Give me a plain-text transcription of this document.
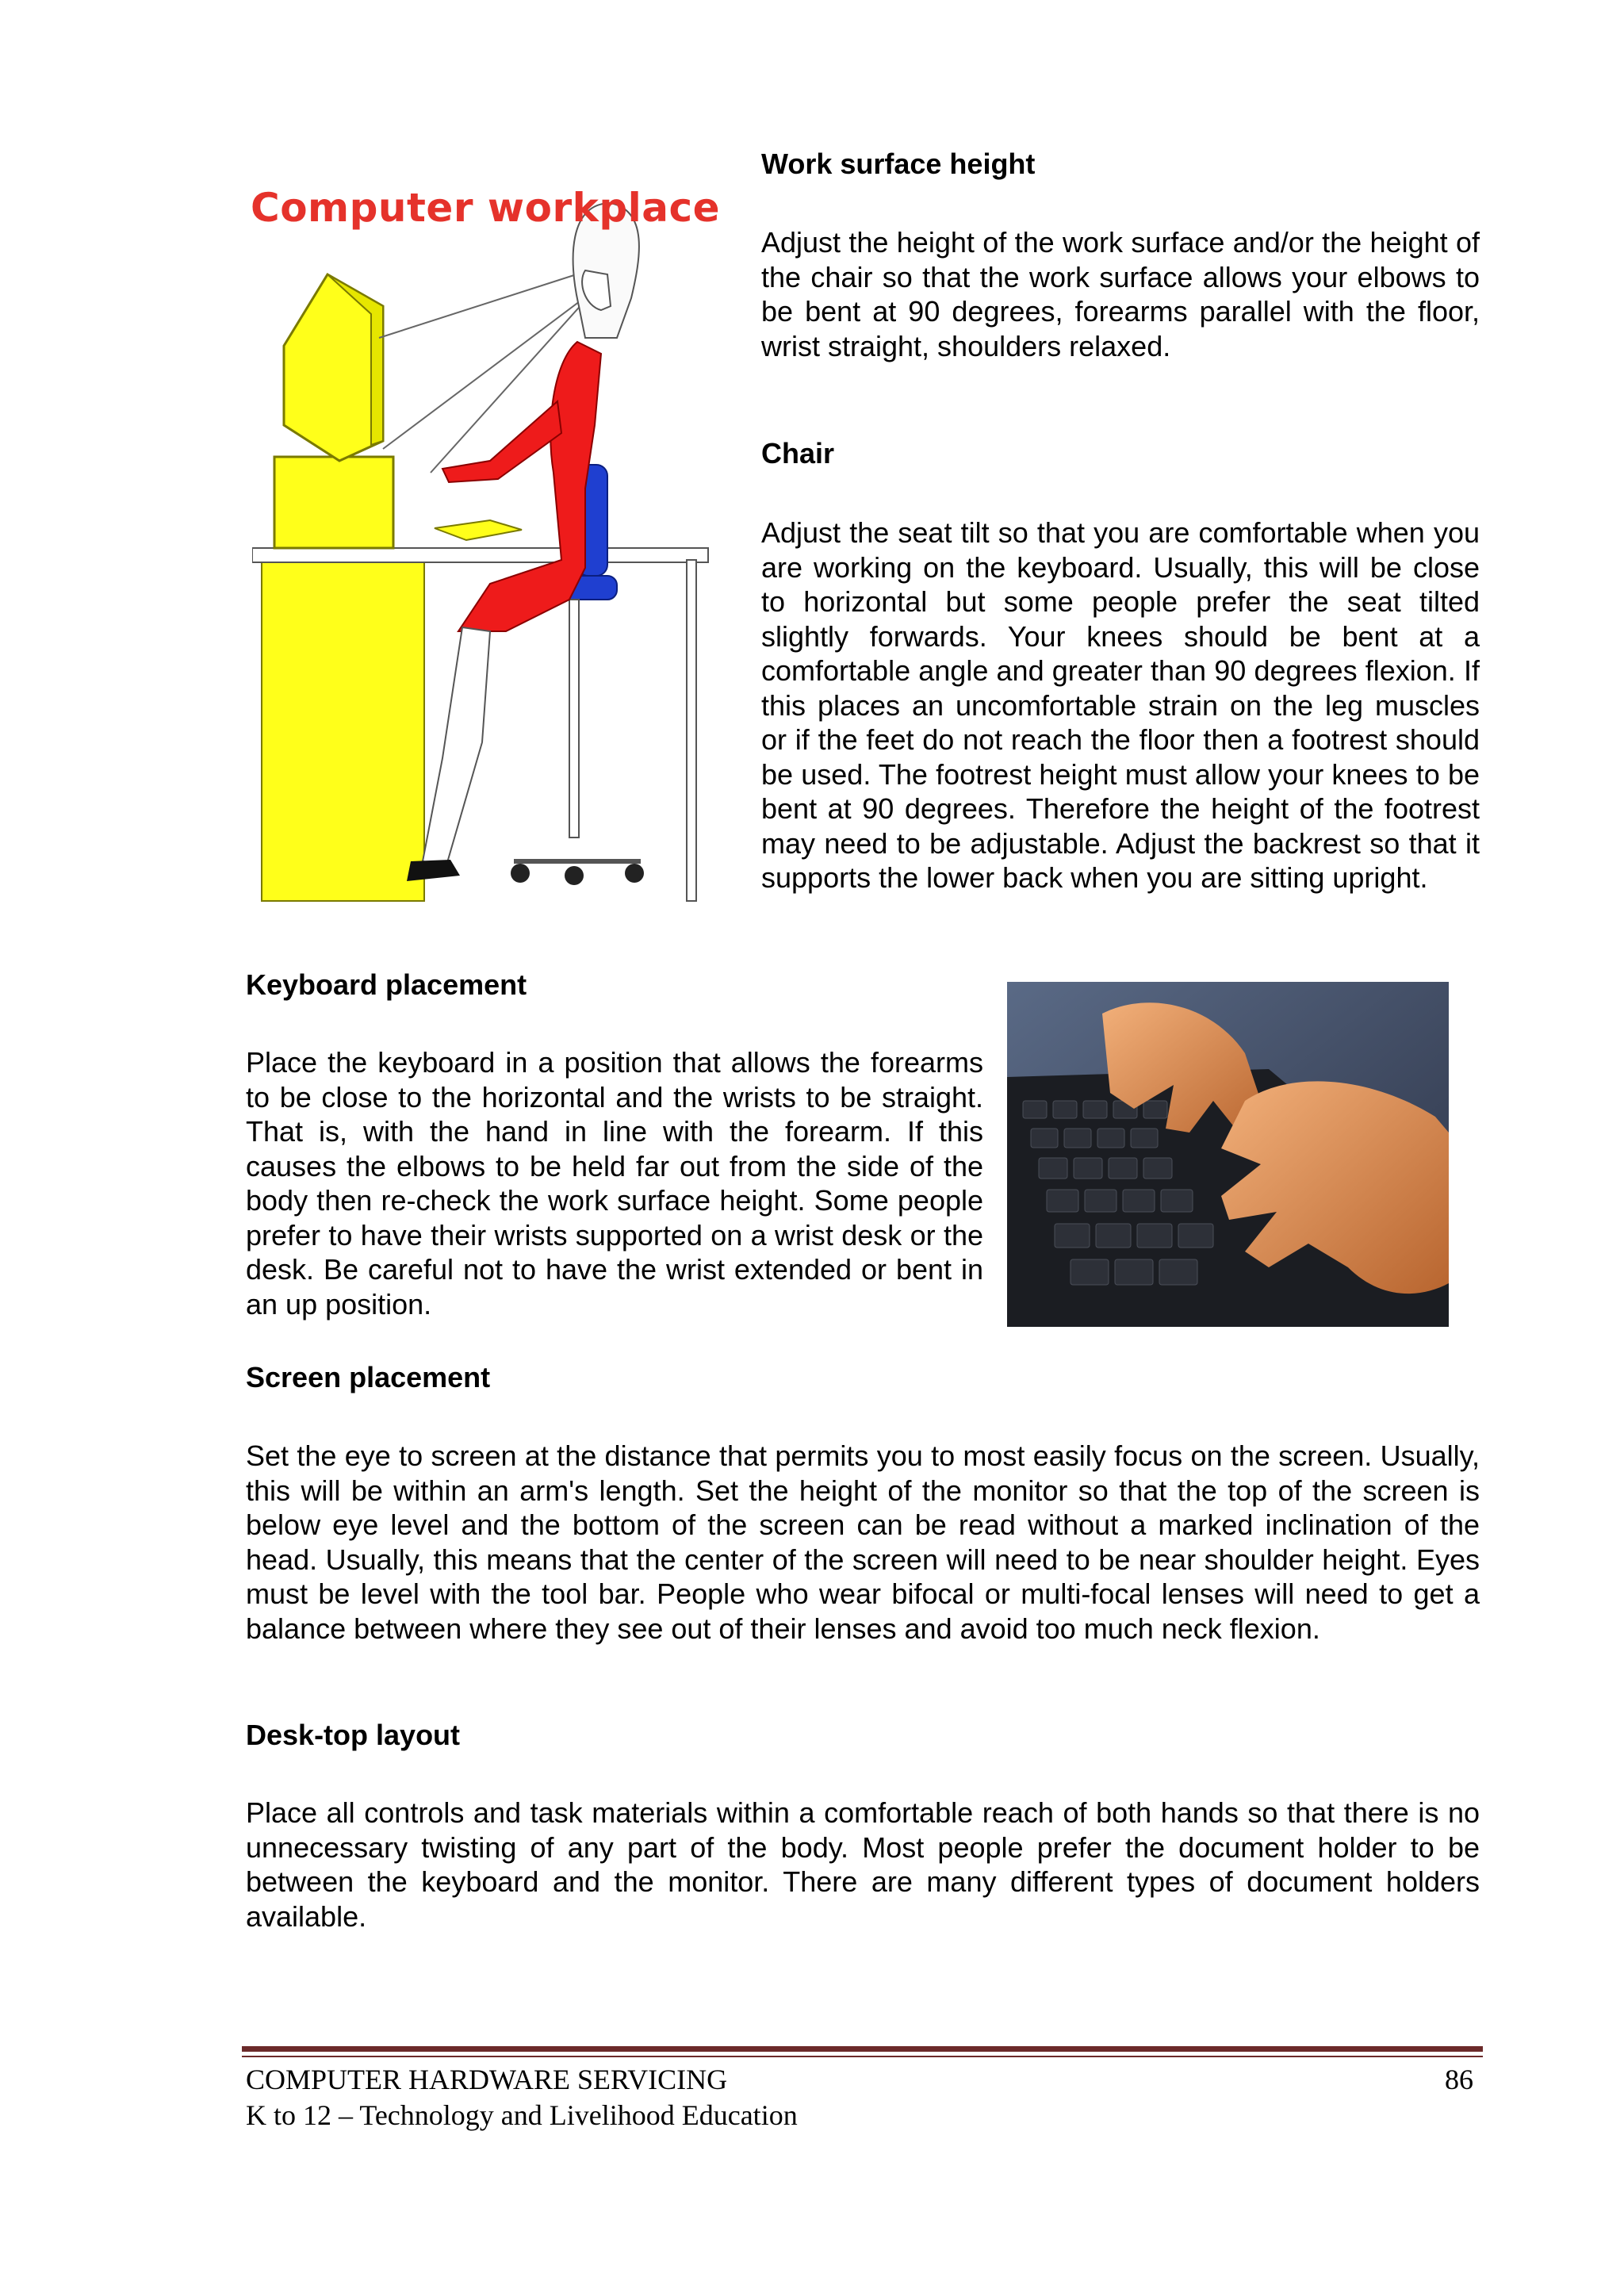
Computer workplace

Work surface height

Adjust the height of the work surface and/or the height of the chair so that the work surface allows your elbows to be bent at 90 degrees, forearms parallel with the floor, wrist straight, shoulders relaxed.

Chair

Adjust the seat tilt so that you are comfortable when you are working on the keyboard. Usually, this will be close to horizontal but some people prefer the seat tilted slightly forwards. Your knees should be bent at a comfortable angle and greater than 90 degrees flexion. If this places an uncomfortable strain on the leg muscles or if the feet do not reach the floor then a footrest should be used. The footrest height must allow your knees to be bent at 90 degrees. Therefore the height of the footrest may need to be adjustable. Adjust the backrest so that it supports the lower back when you are sitting upright.

Keyboard placement

Place the keyboard in a position that allows the forearms to be close to the horizontal and the wrists to be straight. That is, with the hand in line with the forearm. If this causes the elbows to be held far out from the side of the body then re-check the work surface height. Some people prefer to have their wrists supported on a wrist desk or the desk. Be careful not to have the wrist extended or bent in an up position.

Screen placement

Set the eye to screen at the distance that permits you to most easily focus on the screen. Usually, this will be within an arm's length. Set the height of the monitor so that the top of the screen is below eye level and the bottom of the screen can be read without a marked inclination of the head. Usually, this means that the center of the screen will need to be near shoulder height. Eyes must be level with the tool bar. People who wear bifocal or multi-focal lenses will need to get a balance between where they see out of their lenses and avoid too much neck flexion.

Desk-top layout

Place all controls and task materials within a comfortable reach of both hands so that there is no unnecessary twisting of any part of the body. Most people prefer the document holder to be between the keyboard and the monitor. There are many different types of document holders available.

COMPUTER HARDWARE SERVICING	86

K to 12 – Technology and Livelihood Education
